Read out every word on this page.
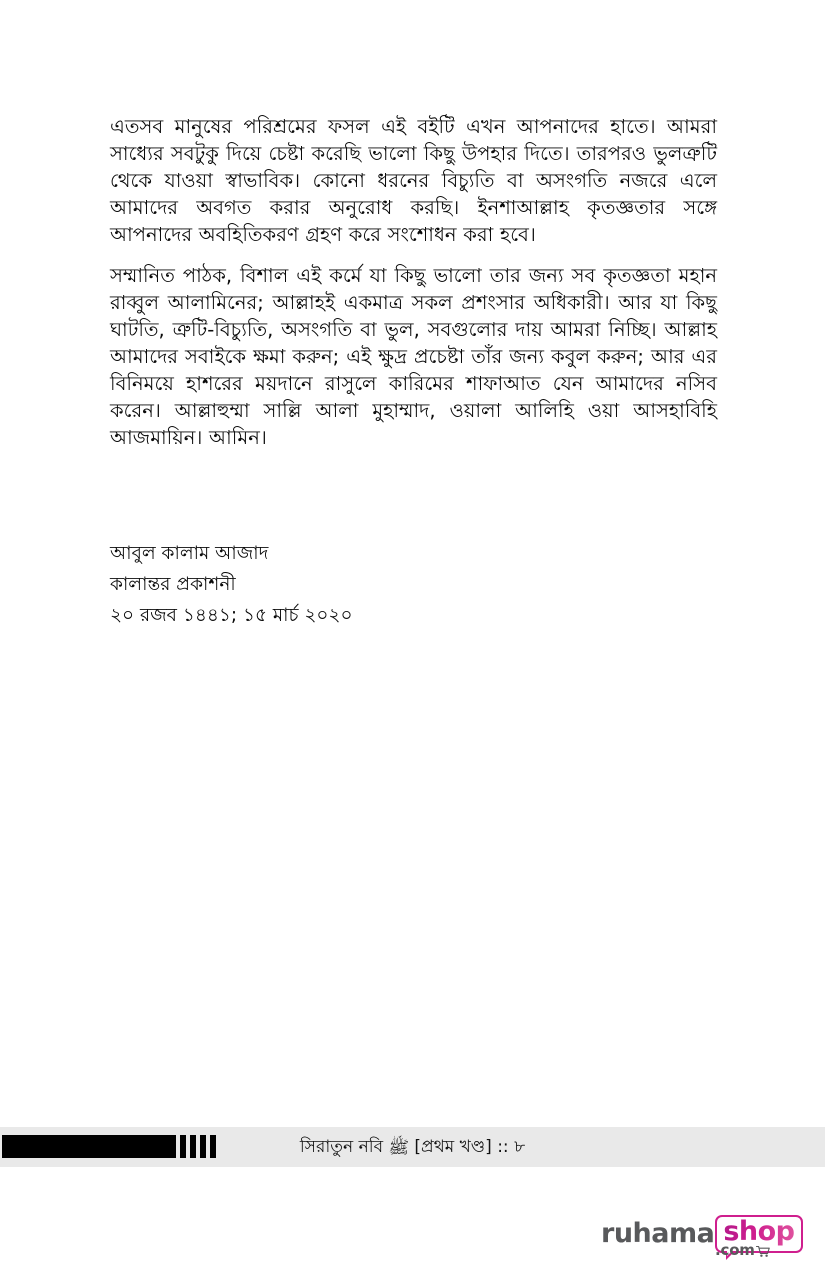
এতসব মানুষের পরিশ্রমের ফসল এই বইটি এখন আপনাদের হাতে। আমরা সাধ্যের সবটুকু দিয়ে চেষ্টা করেছি ভালো কিছু উপহার দিতে। তারপরও ভুলত্রুটি থেকে যাওয়া স্বাভাবিক। কোনো ধরনের বিচ্যুতি বা অসংগতি নজরে এলে আমাদের অবগত করার অনুরোধ করছি। ইনশাআল্লাহ কৃতজ্ঞতার সঙ্গে আপনাদের অবহিতিকরণ গ্রহণ করে সংশোধন করা হবে।

সম্মানিত পাঠক, বিশাল এই কর্মে যা কিছু ভালো তার জন্য সব কৃতজ্ঞতা মহান রাব্বুল আলামিনের; আল্লাহই একমাত্র সকল প্রশংসার অধিকারী। আর যা কিছু ঘাটতি, ত্রুটি-বিচ্যুতি, অসংগতি বা ভুল, সবগুলোর দায় আমরা নিচ্ছি। আল্লাহ আমাদের সবাইকে ক্ষমা করুন; এই ক্ষুদ্র প্রচেষ্টা তাঁর জন্য কবুল করুন; আর এর বিনিময়ে হাশরের ময়দানে রাসুলে কারিমের শাফাআত যেন আমাদের নসিব করেন। আল্লাহুম্মা সাল্লি আলা মুহাম্মাদ, ওয়ালা আলিহি ওয়া আসহাবিহি আজমায়িন। আমিন।

আবুল কালাম আজাদ
কালান্তর প্রকাশনী
২০ রজব ১৪৪১; ১৫ মার্চ ২০২০
সিরাতুন নবি ﷺ [প্রথম খণ্ড] :: ৮
ruhama shop
.com
